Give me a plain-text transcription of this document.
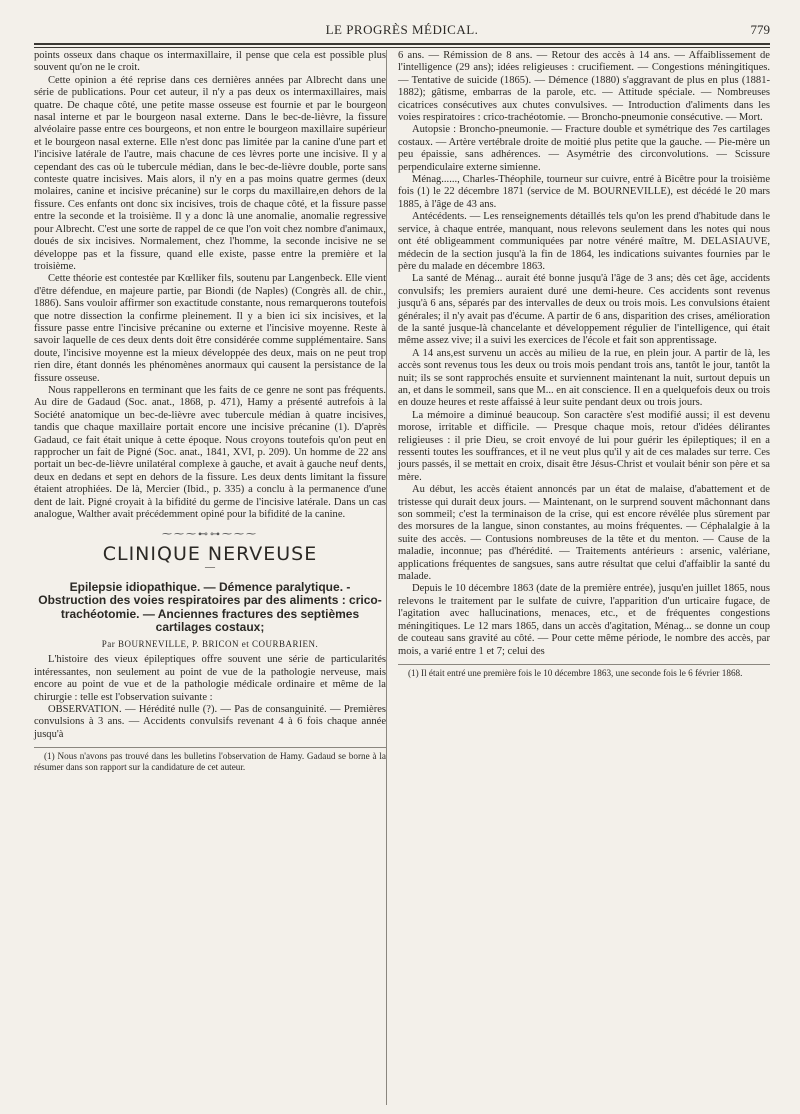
LE PROGRÈS MÉDICAL.	779

points osseux dans chaque os intermaxillaire, il pense que cela est possible plus souvent qu'on ne le croit.

Cette opinion a été reprise dans ces dernières années par Albrecht dans une série de publications. Pour cet auteur, il n'y a pas deux os intermaxillaires, mais quatre. De chaque côté, une petite masse osseuse est fournie et par le bourgeon nasal interne et par le bourgeon nasal externe. Dans le bec-de-lièvre, la fissure alvéolaire passe entre ces bourgeons, et non entre le bourgeon maxillaire supérieur et le bourgeon nasal externe. Elle n'est donc pas limitée par la canine d'une part et l'incisive latérale de l'autre, mais chacune de ces lèvres porte une incisive. Il y a cependant des cas où le tubercule médian, dans le bec-de-lièvre double, porte sans conteste quatre incisives. Mais alors, il n'y en a pas moins quatre germes (deux molaires, canine et incisive précanine) sur le corps du maxillaire,en dehors de la fissure. Ces enfants ont donc six incisives, trois de chaque côté, et la fissure passe entre la seconde et la troisième. Il y a donc là une anomalie, anomalie regressive pour Albrecht. C'est une sorte de rappel de ce que l'on voit chez nombre d'animaux, doués de six incisives. Normalement, chez l'homme, la seconde incisive ne se développe pas et la fissure, quand elle existe, passe entre la première et la troisième.

Cette théorie est contestée par Kœlliker fils, soutenu par Langenbeck. Elle vient d'être défendue, en majeure partie, par Biondi (de Naples) (Congrès all. de chir., 1886). Sans vouloir affirmer son exactitude constante, nous remarquerons toutefois que notre dissection la confirme pleinement. Il y a bien ici six incisives, et la fissure passe entre l'incisive précanine ou externe et l'incisive moyenne. Reste à savoir laquelle de ces deux dents doit être considérée comme supplémentaire. Sans doute, l'incisive moyenne est la mieux développée des deux, mais on ne peut trop rien dire, étant donnés les phénomènes anormaux qui causent la persistance de la fissure osseuse.

Nous rappellerons en terminant que les faits de ce genre ne sont pas fréquents. Au dire de Gadaud (Soc. anat., 1868, p. 471), Hamy a présenté autrefois à la Société anatomique un bec-de-lièvre avec tubercule médian à quatre incisives, tandis que chaque maxillaire portait encore une incisive précanine (1). D'après Gadaud, ce fait était unique à cette époque. Nous croyons toutefois qu'on peut en rapprocher un fait de Pigné (Soc. anat., 1841, XVI, p. 209). Un homme de 22 ans portait un bec-de-lièvre unilatéral complexe à gauche, et avait à gauche neuf dents, deux en dedans et sept en dehors de la fissure. Les deux dents limitant la fissure étaient atrophiées. De là, Mercier (Ibid., p. 335) a conclu à la permanence d'une dent de lait. Pigné croyait à la bifidité du germe de l'incisive latérale. Dans un cas analogue, Walther avait précédemment opiné pour la bifidité de la canine.

⁓⁓⁓⊷⊶⁓⁓⁓
CLINIQUE NERVEUSE
—
Epilepsie idiopathique. — Démence paralytique. - Obstruction des voies respiratoires par des aliments : crico-trachéotomie. — Anciennes fractures des septièmes cartilages costaux;
Par BOURNEVILLE, P. BRICON et COURBARIEN.

L'histoire des vieux épileptiques offre souvent une série de particularités intéressantes, non seulement au point de vue de la pathologie nerveuse, mais encore au point de vue et de la pathologie médicale ordinaire et même de la chirurgie : telle est l'observation suivante :

OBSERVATION. — Hérédité nulle (?). — Pas de consanguinité. — Premières convulsions à 3 ans. — Accidents convulsifs revenant 4 à 6 fois chaque année jusqu'à

(1) Nous n'avons pas trouvé dans les bulletins l'observation de Hamy. Gadaud se borne à la résumer dans son rapport sur la candidature de cet auteur.

6 ans. — Rémission de 8 ans. — Retour des accès à 14 ans. — Affaiblissement de l'intelligence (29 ans); idées religieuses : crucifiement. — Congestions méningitiques. — Tentative de suicide (1865). — Démence (1880) s'aggravant de plus en plus (1881-1882); gâtisme, embarras de la parole, etc. — Attitude spéciale. — Nombreuses cicatrices consécutives aux chutes convulsives. — Introduction d'aliments dans les voies respiratoires : crico-trachéotomie. — Broncho-pneumonie consécutive. — Mort.

Autopsie : Broncho-pneumonie. — Fracture double et symétrique des 7es cartilages costaux. — Artère vertébrale droite de moitié plus petite que la gauche. — Pie-mère un peu épaissie, sans adhérences. — Asymétrie des circonvolutions. — Scissure perpendiculaire externe simienne.

Ménag......, Charles-Théophile, tourneur sur cuivre, entré à Bicêtre pour la troisième fois (1) le 22 décembre 1871 (service de M. BOURNEVILLE), est décédé le 20 mars 1885, à l'âge de 43 ans.

Antécédents. — Les renseignements détaillés tels qu'on les prend d'habitude dans le service, à chaque entrée, manquant, nous relevons seulement dans les notes qui nous ont été obligeamment communiquées par notre vénéré maître, M. DELASIAUVE, médecin de la section jusqu'à la fin de 1864, les indications suivantes fournies par le père du malade en décembre 1863.

La santé de Ménag... aurait été bonne jusqu'à l'âge de 3 ans; dès cet âge, accidents convulsifs; les premiers auraient duré une demi-heure. Ces accidents sont revenus jusqu'à 6 ans, séparés par des intervalles de deux ou trois mois. Les convulsions étaient générales; il n'y avait pas d'écume. A partir de 6 ans, disparition des crises, amélioration de la santé jusque-là chancelante et développement régulier de l'intelligence, qui était même assez vive; il a suivi les exercices de l'école et fait son apprentissage.

A 14 ans,est survenu un accès au milieu de la rue, en plein jour. A partir de là, les accès sont revenus tous les deux ou trois mois pendant trois ans, tantôt le jour, tantôt la nuit; ils se sont rapprochés ensuite et surviennent maintenant la nuit, surtout depuis un an, et dans le sommeil, sans que M... en ait conscience. Il en a quelquefois deux ou trois en douze heures et reste affaissé à leur suite pendant deux ou trois jours.

La mémoire a diminué beaucoup. Son caractère s'est modifié aussi; il est devenu morose, irritable et difficile. — Presque chaque mois, retour d'idées délirantes religieuses : il prie Dieu, se croit envoyé de lui pour guérir les épileptiques; il en a ressenti toutes les souffrances, et il ne veut plus qu'il y ait de ces malades sur terre. Ces jours passés, il se mettait en croix, disait être Jésus-Christ et voulait bénir son père et sa mère.

Au début, les accès étaient annoncés par un état de malaise, d'abattement et de tristesse qui durait deux jours. — Maintenant, on le surprend souvent mâchonnant dans son sommeil; c'est la terminaison de la crise, qui est encore révélée plus sûrement par des morsures de la langue, sinon constantes, au moins fréquentes. — Céphalalgie à la suite des accès. — Contusions nombreuses de la tête et du menton. — Cause de la maladie, inconnue; pas d'hérédité. — Traitements antérieurs : arsenic, valériane, applications fréquentes de sangsues, sans autre résultat que celui d'affaiblir la santé du malade.

Depuis le 10 décembre 1863 (date de la première entrée), jusqu'en juillet 1865, nous relevons le traitement par le sulfate de cuivre, l'apparition d'un urticaire fugace, de l'agitation avec hallucinations, menaces, etc., et de fréquentes congestions méningitiques. Le 12 mars 1865, dans un accès d'agitation, Ménag... se donne un coup de couteau sans gravité au côté. — Pour cette même période, le nombre des accès, par mois, a varié entre 1 et 7; celui des

(1) Il était entré une première fois le 10 décembre 1863, une seconde fois le 6 février 1868.
